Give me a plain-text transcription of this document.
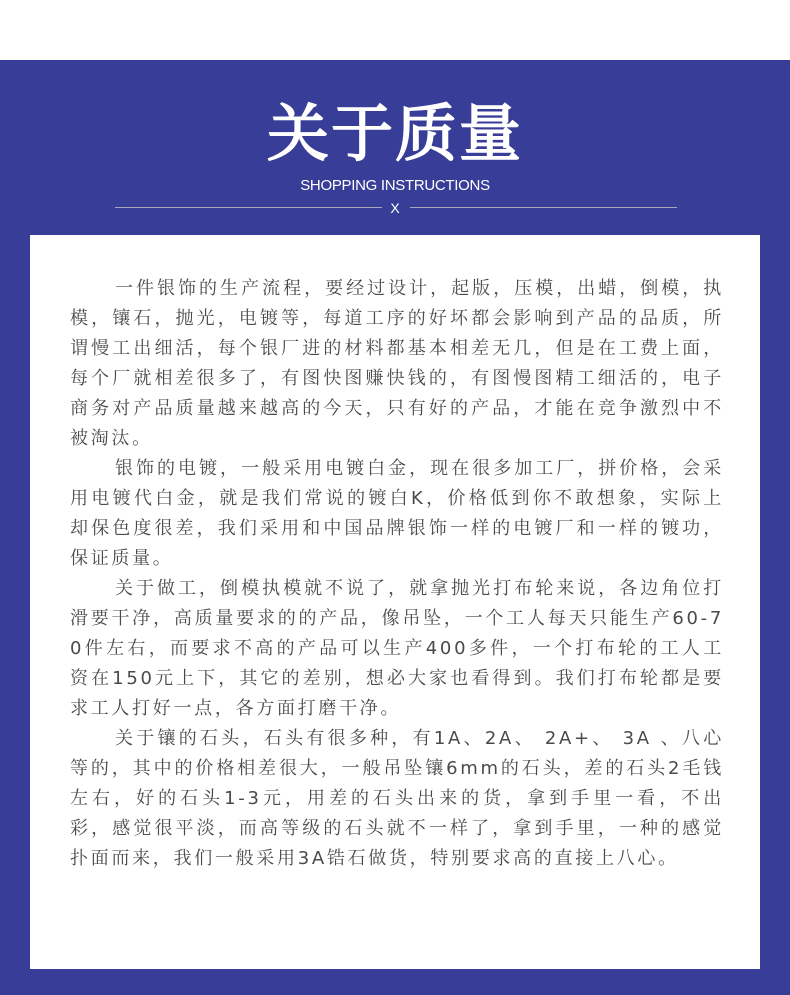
关于质量
SHOPPING INSTRUCTIONS
X

一件银饰的生产流程，要经过设计，起版，压模，出蜡，倒模，执模，镶石，抛光，电镀等，每道工序的好坏都会影响到产品的品质，所谓慢工出细活，每个银厂进的材料都基本相差无几，但是在工费上面，每个厂就相差很多了，有图快图赚快钱的，有图慢图精工细活的，电子商务对产品质量越来越高的今天，只有好的产品，才能在竞争激烈中不被淘汰。

银饰的电镀，一般采用电镀白金，现在很多加工厂，拼价格，会采用电镀代白金，就是我们常说的镀白K，价格低到你不敢想象，实际上却保色度很差，我们采用和中国品牌银饰一样的电镀厂和一样的镀功，保证质量。

关于做工，倒模执模就不说了，就拿抛光打布轮来说，各边角位打滑要干净，高质量要求的的产品，像吊坠，一个工人每天只能生产60-70件左右，而要求不高的产品可以生产400多件，一个打布轮的工人工资在150元上下，其它的差别，想必大家也看得到。我们打布轮都是要求工人打好一点，各方面打磨干净。

关于镶的石头，石头有很多种，有1A、2A、 2A+、 3A 、八心等的，其中的价格相差很大，一般吊坠镶6mm的石头，差的石头2毛钱左右，好的石头1-3元，用差的石头出来的货，拿到手里一看，不出彩，感觉很平淡，而高等级的石头就不一样了，拿到手里，一种的感觉扑面而来，我们一般采用3A锆石做货，特别要求高的直接上八心。
